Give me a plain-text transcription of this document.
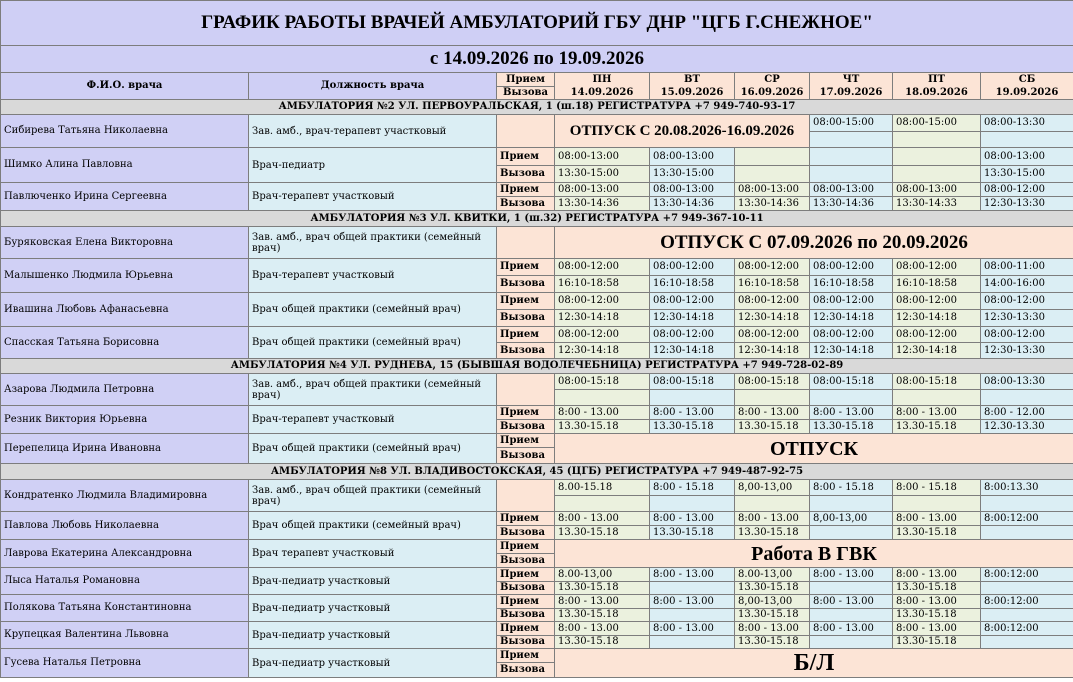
ГРАФИК РАБОТЫ ВРАЧЕЙ АМБУЛАТОРИЙ ГБУ ДНР "ЦГБ Г.СНЕЖНОЕ"								
с 14.09.2026 по 19.09.2026								
Ф.И.О. врача	Должность врача	Прием	ПН	ВТ	СР	ЧТ	ПТ	СБ
		Вызова	14.09.2026	15.09.2026	16.09.2026	17.09.2026	18.09.2026	19.09.2026
АМБУЛАТОРИЯ №2 УЛ. ПЕРВОУРАЛЬСКАЯ, 1 (ш.18) РЕГИСТРАТУРА +7 949-740-93-17								
Сибирева Татьяна Николаевна	Зав. амб., врач-терапевт участковый		ОТПУСК С 20.08.2026-16.09.2026			08:00-15:00	08:00-15:00	08:00-13:30

Шимко Алина Павловна	Врач-педиатр	Прием	08:00-13:00	08:00-13:00				08:00-13:00
		Вызова	13:30-15:00	13:30-15:00				13:30-15:00
Павлюченко Ирина Сергеевна	Врач-терапевт участковый	Прием	08:00-13:00	08:00-13:00	08:00-13:00	08:00-13:00	08:00-13:00	08:00-12:00
		Вызова	13:30-14:36	13:30-14:36	13:30-14:36	13:30-14:36	13:30-14:33	12:30-13:30
АМБУЛАТОРИЯ №3 УЛ. КВИТКИ, 1 (ш.32) РЕГИСТРАТУРА +7 949-367-10-11								
Буряковская Елена Викторовна	Зав. амб., врач общей практики (семейный врач)		ОТПУСК С 07.09.2026 по 20.09.2026					

Малышенко Людмила Юрьевна	Врач-терапевт участковый	Прием	08:00-12:00	08:00-12:00	08:00-12:00	08:00-12:00	08:00-12:00	08:00-11:00
		Вызова	16:10-18:58	16:10-18:58	16:10-18:58	16:10-18:58	16:10-18:58	14:00-16:00
Ивашина Любовь Афанасьевна	Врач общей практики (семейный врач)	Прием	08:00-12:00	08:00-12:00	08:00-12:00	08:00-12:00	08:00-12:00	08:00-12:00
		Вызова	12:30-14:18	12:30-14:18	12:30-14:18	12:30-14:18	12:30-14:18	12:30-13:30
Спасская Татьяна Борисовна	Врач общей практики (семейный врач)	Прием	08:00-12:00	08:00-12:00	08:00-12:00	08:00-12:00	08:00-12:00	08:00-12:00
		Вызова	12:30-14:18	12:30-14:18	12:30-14:18	12:30-14:18	12:30-14:18	12:30-13:30
АМБУЛАТОРИЯ №4 УЛ. РУДНЕВА, 15 (БЫВШАЯ ВОДОЛЕЧЕБНИЦА) РЕГИСТРАТУРА +7 949-728-02-89								
Азарова Людмила Петровна	Зав. амб., врач общей практики (семейный врач)		08:00-15:18	08:00-15:18	08:00-15:18	08:00-15:18	08:00-15:18	08:00-13:30

Резник Виктория Юрьевна	Врач-терапевт участковый	Прием	8:00 - 13.00	8:00 - 13.00	8:00 - 13.00	8:00 - 13.00	8:00 - 13.00	8:00 - 12.00
		Вызова	13.30-15.18	13.30-15.18	13.30-15.18	13.30-15.18	13.30-15.18	12.30-13.30
Перепелица Ирина Ивановна	Врач общей практики (семейный врач)	Прием	ОТПУСК					
		Вызова						
АМБУЛАТОРИЯ №8 УЛ. ВЛАДИВОСТОКСКАЯ, 45 (ЦГБ) РЕГИСТРАТУРА +7 949-487-92-75								
Кондратенко Людмила Владимировна	Зав. амб., врач общей практики (семейный врач)		8.00-15.18	8:00 - 15.18	8,00-13,00	8:00 - 15.18	8:00 - 15.18	8:00:13.30

Павлова Любовь Николаевна	Врач общей практики (семейный врач)	Прием	8:00 - 13.00	8:00 - 13.00	8:00 - 13.00	8,00-13,00	8:00 - 13.00	8:00:12:00
		Вызова	13.30-15.18	13.30-15.18	13.30-15.18		13.30-15.18	
Лаврова Екатерина Александровна	Врач терапевт участковый	Прием	Работа В ГВК					
		Вызова						
Лыса Наталья Романовна	Врач-педиатр участковый	Прием	8.00-13,00	8:00 - 13.00	8.00-13,00	8:00 - 13.00	8:00 - 13.00	8:00:12:00
		Вызова	13.30-15.18		13.30-15.18		13.30-15.18	
Полякова Татьяна Константиновна	Врач-педиатр участковый	Прием	8:00 - 13.00	8:00 - 13.00	8,00-13,00	8:00 - 13.00	8:00 - 13.00	8:00:12:00
		Вызова	13.30-15.18		13.30-15.18		13.30-15.18	
Крупецкая Валентина Львовна	Врач-педиатр участковый	Прием	8:00 - 13.00	8:00 - 13.00	8:00 - 13.00	8:00 - 13.00	8:00 - 13.00	8:00:12:00
		Вызова	13.30-15.18		13.30-15.18		13.30-15.18	
Гусева Наталья Петровна	Врач-педиатр участковый	Прием	Б/Л					
		Вызова						
